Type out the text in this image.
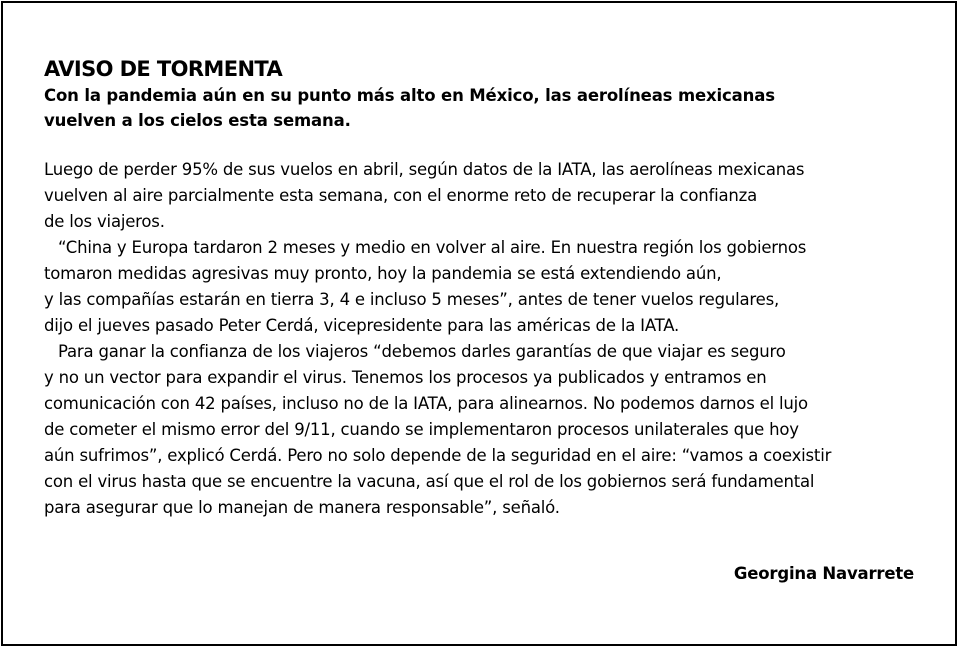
AVISO DE TORMENTA
Con la pandemia aún en su punto más alto en México, las aerolíneas mexicanas
vuelven a los cielos esta semana.
Luego de perder 95% de sus vuelos en abril, según datos de la IATA, las aerolíneas mexicanas
vuelven al aire parcialmente esta semana, con el enorme reto de recuperar la confianza
de los viajeros.
“China y Europa tardaron 2 meses y medio en volver al aire. En nuestra región los gobiernos
tomaron medidas agresivas muy pronto, hoy la pandemia se está extendiendo aún,
y las compañías estarán en tierra 3, 4 e incluso 5 meses”, antes de tener vuelos regulares,
dijo el jueves pasado Peter Cerdá, vicepresidente para las américas de la IATA.
Para ganar la confianza de los viajeros “debemos darles garantías de que viajar es seguro
y no un vector para expandir el virus. Tenemos los procesos ya publicados y entramos en
comunicación con 42 países, incluso no de la IATA, para alinearnos. No podemos darnos el lujo
de cometer el mismo error del 9/11, cuando se implementaron procesos unilaterales que hoy
aún sufrimos”, explicó Cerdá. Pero no solo depende de la seguridad en el aire: “vamos a coexistir
con el virus hasta que se encuentre la vacuna, así que el rol de los gobiernos será fundamental
para asegurar que lo manejan de manera responsable”, señaló.
Georgina Navarrete
